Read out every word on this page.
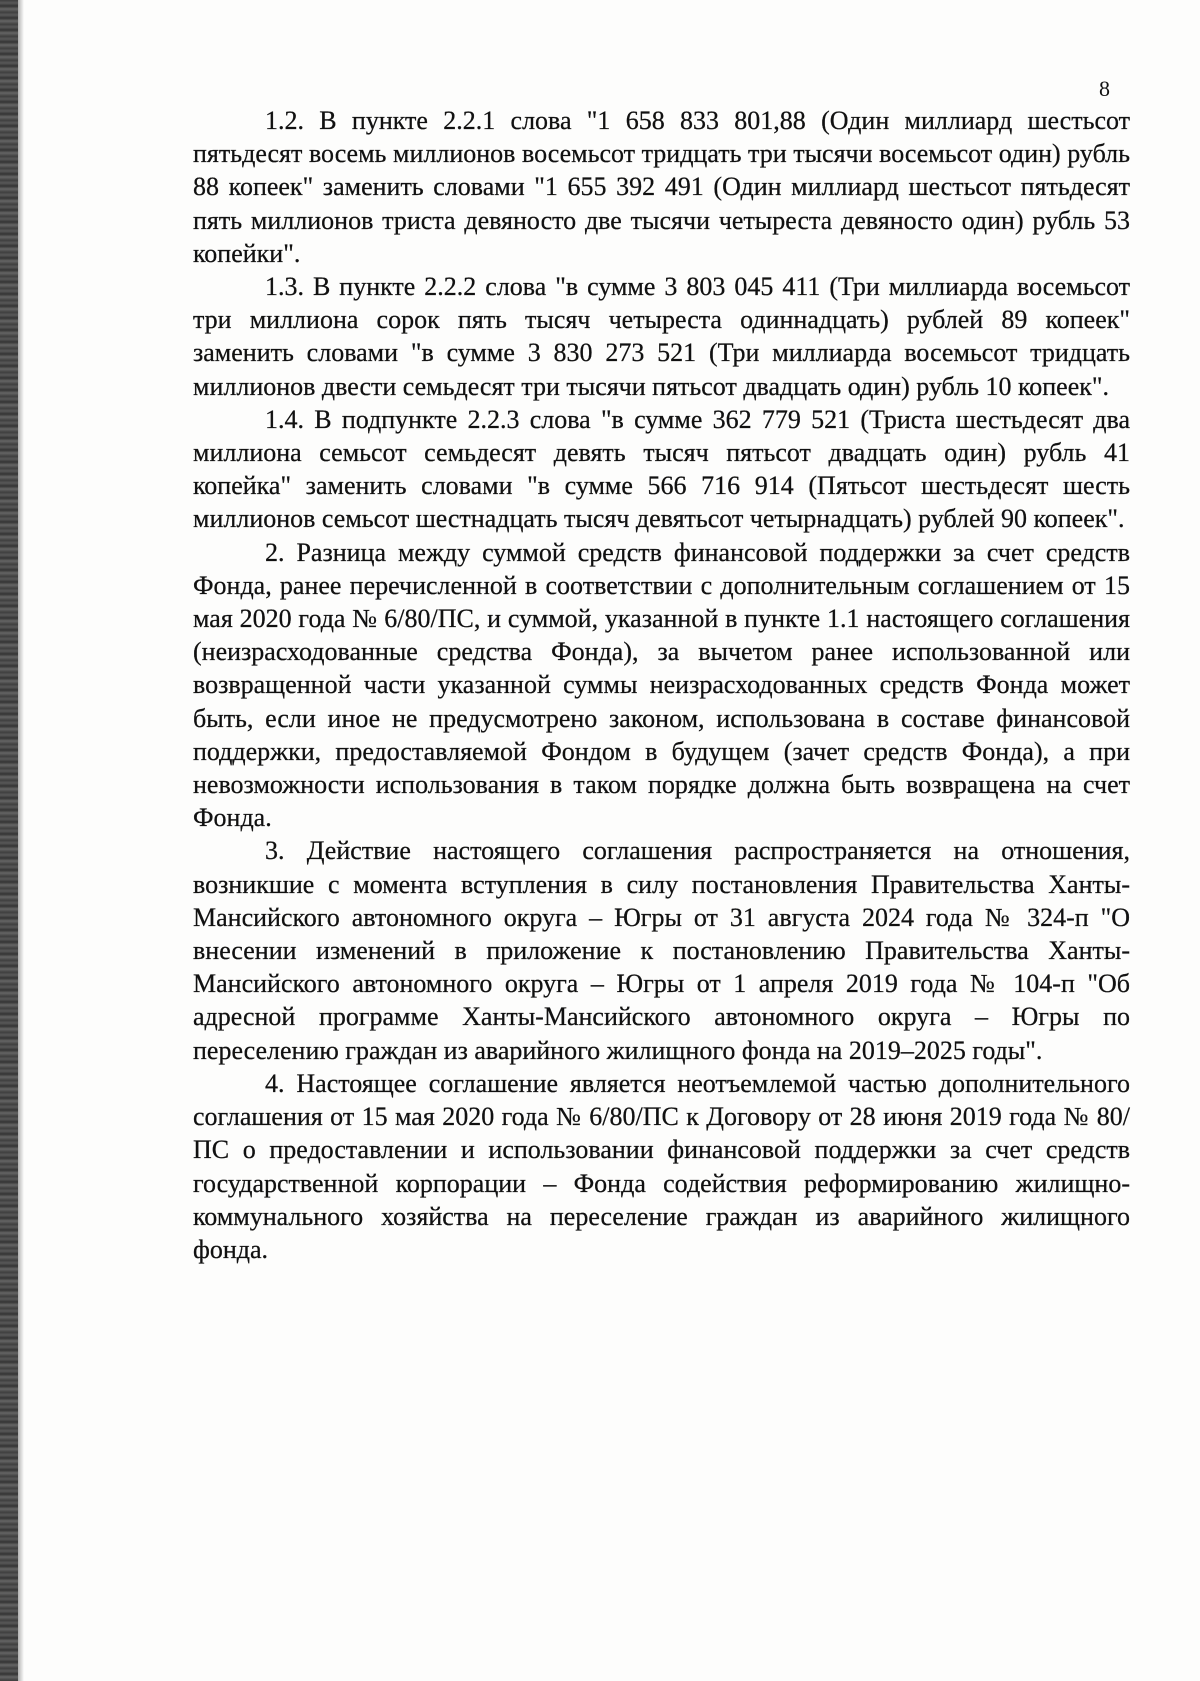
8

1.2. В пункте 2.2.1 слова "1 658 833 801,88 (Один миллиард шестьсот пятьдесят восемь миллионов восемьсот тридцать три тысячи восемьсот один) рубль 88 копеек" заменить словами "1 655 392 491 (Один миллиард шестьсот пятьдесят пять миллионов триста девяносто две тысячи четыреста девяносто один) рубль 53 копейки".

1.3. В пункте 2.2.2 слова "в сумме 3 803 045 411 (Три миллиарда восемьсот три миллиона сорок пять тысяч четыреста одиннадцать) рублей 89 копеек" заменить словами "в сумме 3 830 273 521 (Три миллиарда восемьсот тридцать миллионов двести семьдесят три тысячи пятьсот двадцать один) рубль 10 копеек".

1.4. В подпункте 2.2.3 слова "в сумме 362 779 521 (Триста шестьдесят два миллиона семьсот семьдесят девять тысяч пятьсот двадцать один) рубль 41 копейка" заменить словами "в сумме 566 716 914 (Пятьсот шестьдесят шесть миллионов семьсот шестнадцать тысяч девятьсот четырнадцать) рублей 90 копеек".

2. Разница между суммой средств финансовой поддержки за счет средств Фонда, ранее перечисленной в соответствии с дополнительным соглашением от 15 мая 2020 года № 6/80/ПС, и суммой, указанной в пункте 1.1 настоящего соглашения (неизрасходованные средства Фонда), за вычетом ранее использованной или возвращенной части указанной суммы неизрасходованных средств Фонда может быть, если иное не предусмотрено законом, использована в составе финансовой поддержки, предоставляемой Фондом в будущем (зачет средств Фонда), а при невозможности использования в таком порядке должна быть возвращена на счет Фонда.

3. Действие настоящего соглашения распространяется на отношения, возникшие с момента вступления в силу постановления Правительства Ханты-Мансийского автономного округа – Югры от 31 августа 2024 года № 324-п "О внесении изменений в приложение к постановлению Правительства Ханты-Мансийского автономного округа – Югры от 1 апреля 2019 года № 104-п "Об адресной программе Ханты-Мансийского автономного округа – Югры по переселению граждан из аварийного жилищного фонда на 2019–2025 годы".

4. Настоящее соглашение является неотъемлемой частью дополнительного соглашения от 15 мая 2020 года № 6/80/ПС к Договору от 28 июня 2019 года № 80/ПС о предоставлении и использовании финансовой поддержки за счет средств государственной корпорации – Фонда содействия реформированию жилищно-коммунального хозяйства на переселение граждан из аварийного жилищного фонда.
